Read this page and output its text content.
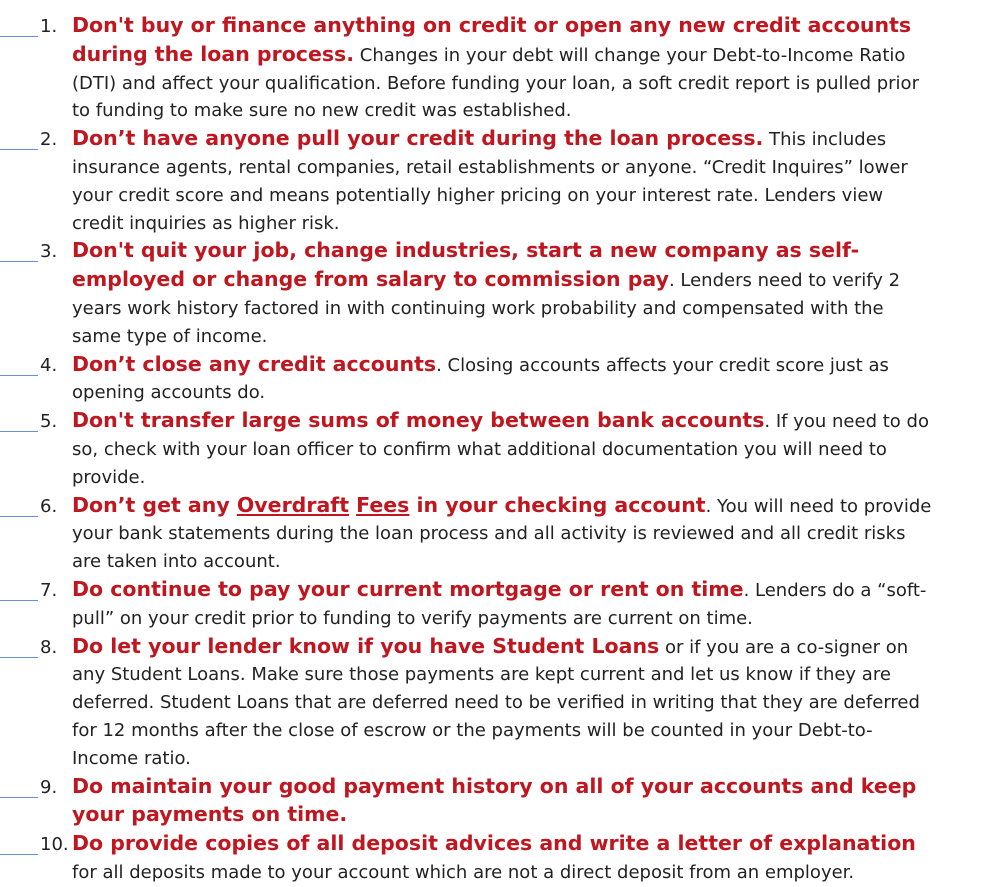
1. Don't buy or finance anything on credit or open any new credit accounts during the loan process. Changes in your debt will change your Debt-to-Income Ratio (DTI) and affect your qualification. Before funding your loan, a soft credit report is pulled prior to funding to make sure no new credit was established.
2. Don’t have anyone pull your credit during the loan process. This includes insurance agents, rental companies, retail establishments or anyone. “Credit Inquires” lower your credit score and means potentially higher pricing on your interest rate. Lenders view credit inquiries as higher risk.
3. Don't quit your job, change industries, start a new company as self-employed or change from salary to commission pay. Lenders need to verify 2 years work history factored in with continuing work probability and compensated with the same type of income.
4. Don’t close any credit accounts. Closing accounts affects your credit score just as opening accounts do.
5. Don't transfer large sums of money between bank accounts. If you need to do so, check with your loan officer to confirm what additional documentation you will need to provide.
6. Don’t get any Overdraft Fees in your checking account. You will need to provide your bank statements during the loan process and all activity is reviewed and all credit risks are taken into account.
7. Do continue to pay your current mortgage or rent on time. Lenders do a “soft-pull” on your credit prior to funding to verify payments are current on time.
8. Do let your lender know if you have Student Loans or if you are a co-signer on any Student Loans. Make sure those payments are kept current and let us know if they are deferred. Student Loans that are deferred need to be verified in writing that they are deferred for 12 months after the close of escrow or the payments will be counted in your Debt-to-Income ratio.
9. Do maintain your good payment history on all of your accounts and keep your payments on time.
10. Do provide copies of all deposit advices and write a letter of explanation for all deposits made to your account which are not a direct deposit from an employer.
